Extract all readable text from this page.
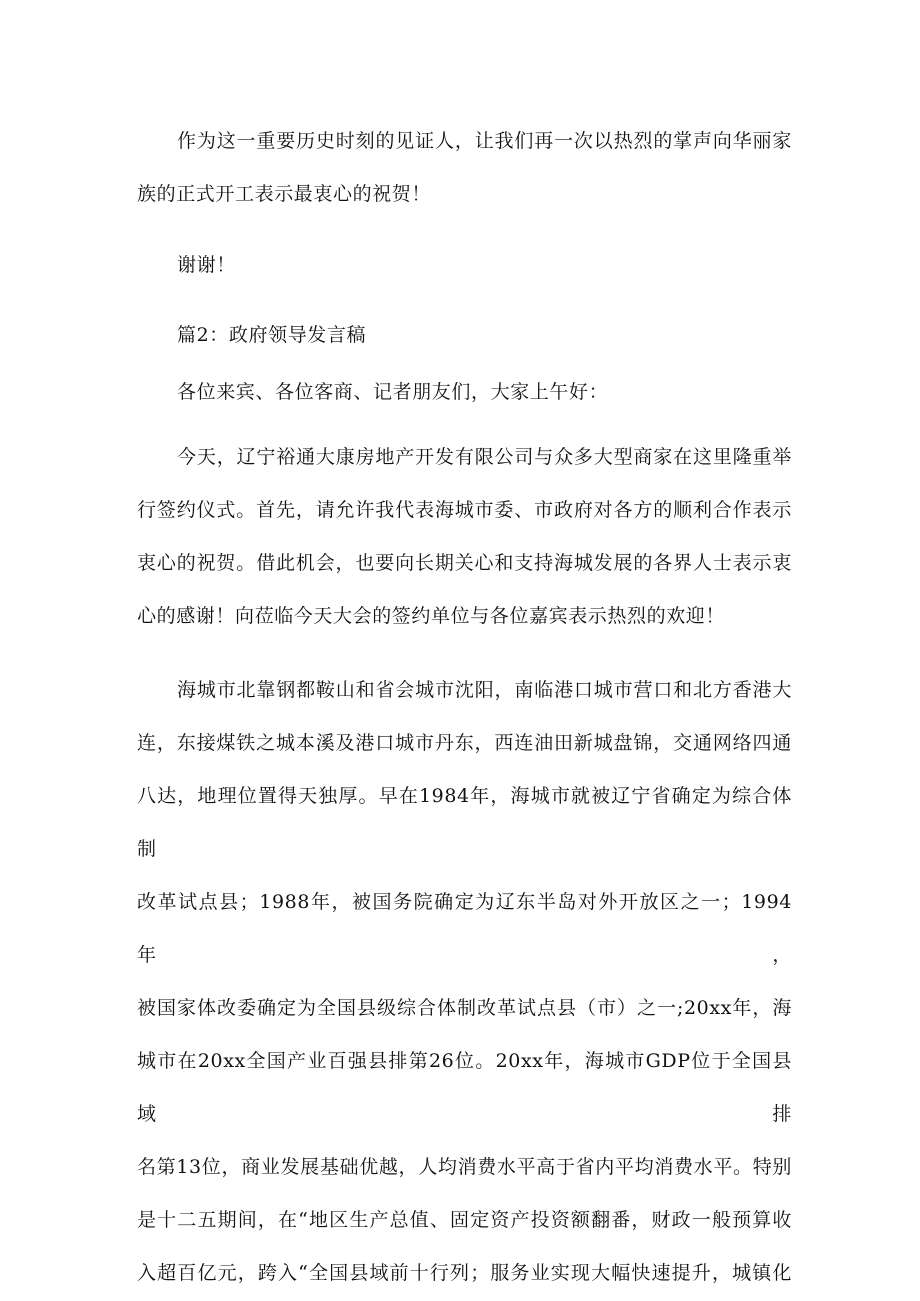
作为这一重要历史时刻的见证人，让我们再一次以热烈的掌声向华丽家
族的正式开工表示最衷心的祝贺！
谢谢！
篇2：政府领导发言稿
各位来宾、各位客商、记者朋友们，大家上午好：
今天，辽宁裕通大康房地产开发有限公司与众多大型商家在这里隆重举
行签约仪式。首先，请允许我代表海城市委、市政府对各方的顺利合作表示
衷心的祝贺。借此机会，也要向长期关心和支持海城发展的各界人士表示衷
心的感谢！向莅临今天大会的签约单位与各位嘉宾表示热烈的欢迎！
海城市北靠钢都鞍山和省会城市沈阳，南临港口城市营口和北方香港大
连，东接煤铁之城本溪及港口城市丹东，西连油田新城盘锦，交通网络四通
八达，地理位置得天独厚。早在1984年，海城市就被辽宁省确定为综合体制
改革试点县；1988年，被国务院确定为辽东半岛对外开放区之一；1994年，
被国家体改委确定为全国县级综合体制改革试点县（市）之一;20xx年，海
城市在20xx全国产业百强县排第26位。20xx年，海城市GDP位于全国县域排
名第13位，商业发展基础优越，人均消费水平高于省内平均消费水平。特别
是十二五期间，在“地区生产总值、固定资产投资额翻番，财政一般预算收
入超百亿元，跨入“全国县域前十行列；服务业实现大幅快速提升，城镇化
